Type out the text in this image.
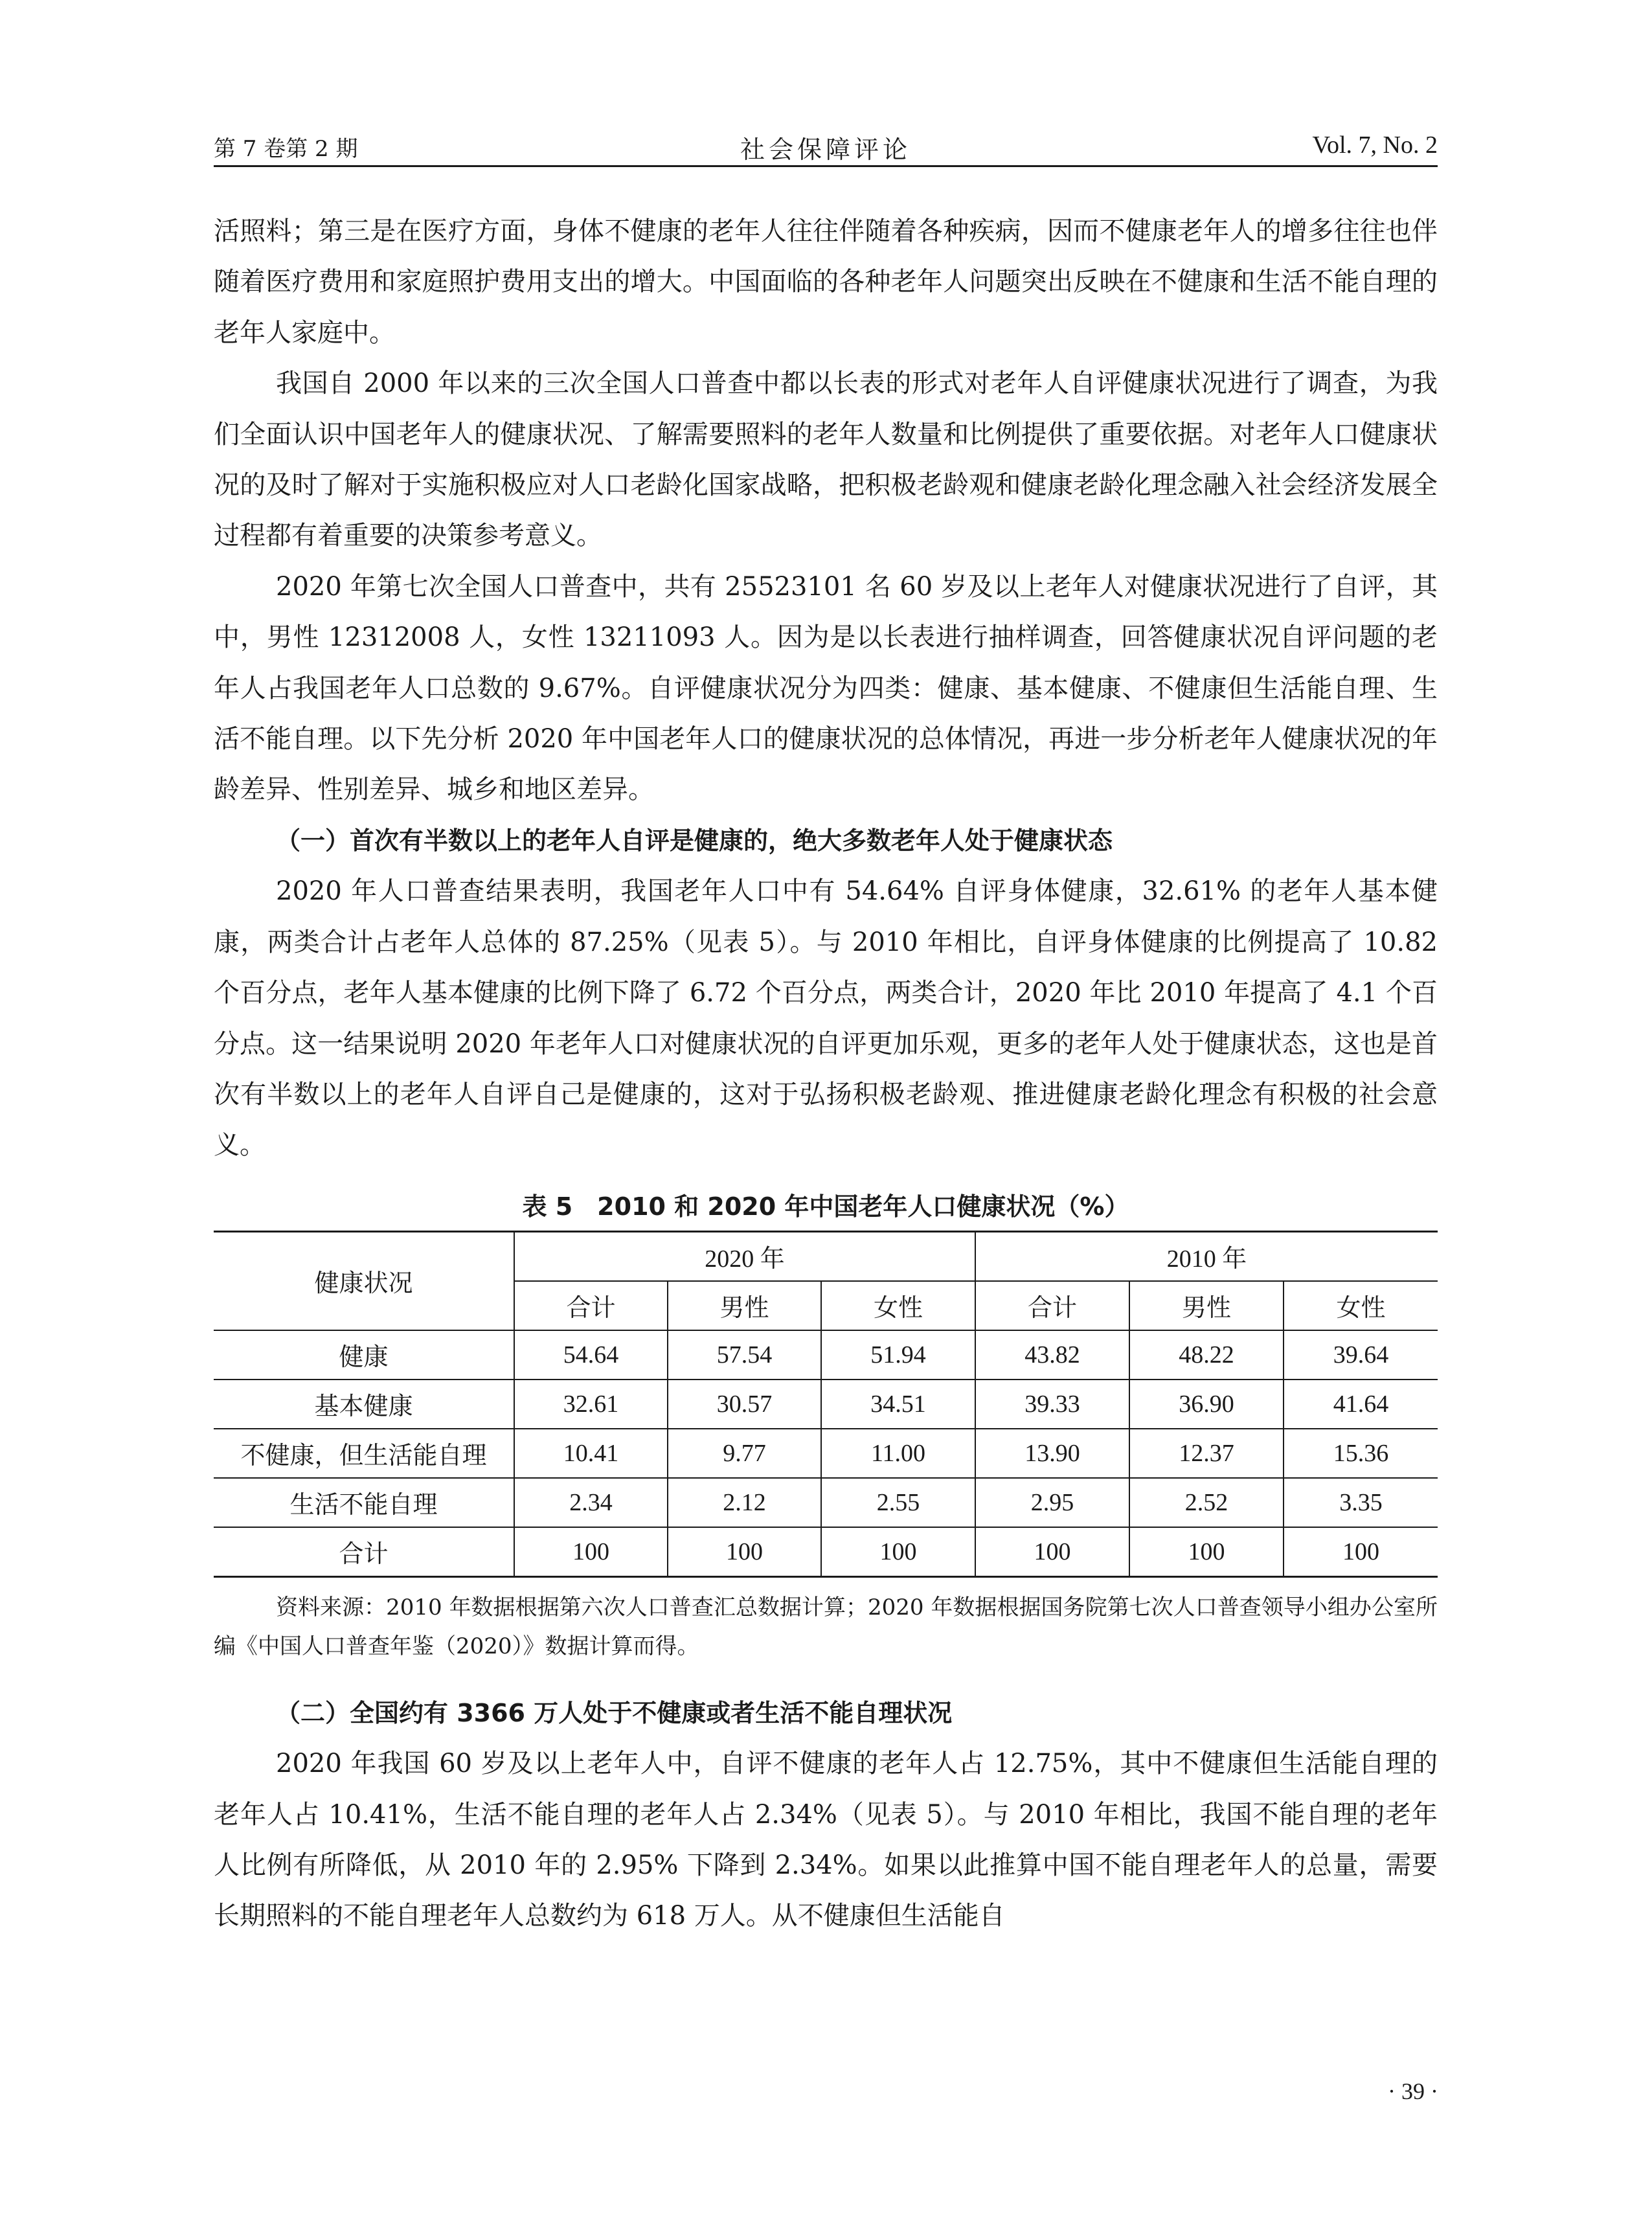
第 7 卷第 2 期	社会保障评论	Vol. 7, No. 2

活照料；第三是在医疗方面，身体不健康的老年人往往伴随着各种疾病，因而不健康老年人的增多往往也伴随着医疗费用和家庭照护费用支出的增大。中国面临的各种老年人问题突出反映在不健康和生活不能自理的老年人家庭中。

我国自 2000 年以来的三次全国人口普查中都以长表的形式对老年人自评健康状况进行了调查，为我们全面认识中国老年人的健康状况、了解需要照料的老年人数量和比例提供了重要依据。对老年人口健康状况的及时了解对于实施积极应对人口老龄化国家战略，把积极老龄观和健康老龄化理念融入社会经济发展全过程都有着重要的决策参考意义。

2020 年第七次全国人口普查中，共有 25523101 名 60 岁及以上老年人对健康状况进行了自评，其中，男性 12312008 人，女性 13211093 人。因为是以长表进行抽样调查，回答健康状况自评问题的老年人占我国老年人口总数的 9.67%。自评健康状况分为四类：健康、基本健康、不健康但生活能自理、生活不能自理。以下先分析 2020 年中国老年人口的健康状况的总体情况，再进一步分析老年人健康状况的年龄差异、性别差异、城乡和地区差异。

（一）首次有半数以上的老年人自评是健康的，绝大多数老年人处于健康状态

2020 年人口普查结果表明，我国老年人口中有 54.64% 自评身体健康，32.61% 的老年人基本健康，两类合计占老年人总体的 87.25%（见表 5）。与 2010 年相比，自评身体健康的比例提高了 10.82 个百分点，老年人基本健康的比例下降了 6.72 个百分点，两类合计，2020 年比 2010 年提高了 4.1 个百分点。这一结果说明 2020 年老年人口对健康状况的自评更加乐观，更多的老年人处于健康状态，这也是首次有半数以上的老年人自评自己是健康的，这对于弘扬积极老龄观、推进健康老龄化理念有积极的社会意义。

表 5　2010 和 2020 年中国老年人口健康状况（%）
健康状况	2020 年			2010 年		
	合计	男性	女性	合计	男性	女性
健康	54.64	57.54	51.94	43.82	48.22	39.64
基本健康	32.61	30.57	34.51	39.33	36.90	41.64
不健康，但生活能自理	10.41	9.77	11.00	13.90	12.37	15.36
生活不能自理	2.34	2.12	2.55	2.95	2.52	3.35
合计	100	100	100	100	100	100

资料来源：2010 年数据根据第六次人口普查汇总数据计算；2020 年数据根据国务院第七次人口普查领导小组办公室所编《中国人口普查年鉴（2020）》数据计算而得。

（二）全国约有 3366 万人处于不健康或者生活不能自理状况

2020 年我国 60 岁及以上老年人中，自评不健康的老年人占 12.75%，其中不健康但生活能自理的老年人占 10.41%，生活不能自理的老年人占 2.34%（见表 5）。与 2010 年相比，我国不能自理的老年人比例有所降低，从 2010 年的 2.95% 下降到 2.34%。如果以此推算中国不能自理老年人的总量，需要长期照料的不能自理老年人总数约为 618 万人。从不健康但生活能自

· 39 ·
